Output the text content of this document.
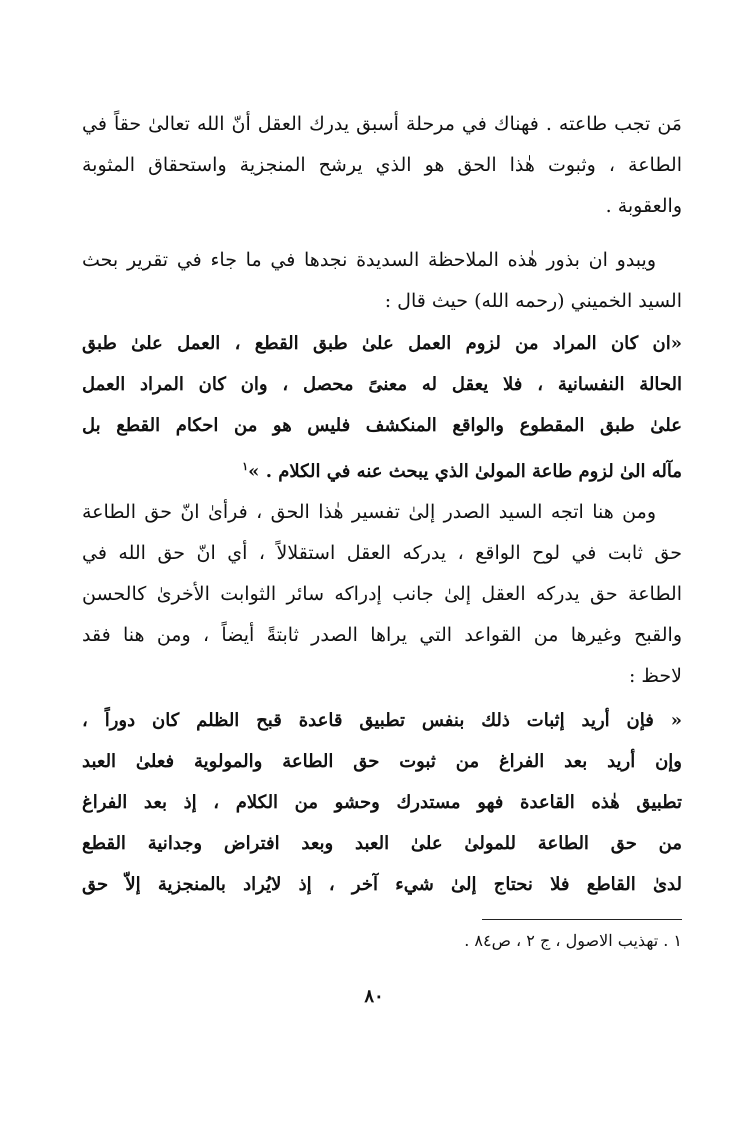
مَن تجب طاعته . فهناك في مرحلة أسبق يدرك العقل أنّ الله تعالىٰ حقاً في
الطاعة ، وثبوت هٰذا الحق هو الذي يرشح المنجزية واستحقاق المثوبة
والعقوبة .
ويبدو ان بذور هٰذه الملاحظة السديدة نجدها في ما جاء في تقرير بحث
السيد الخميني (رحمه الله) حيث قال :
«ان كان المراد من لزوم العمل علىٰ طبق القطع ، العمل علىٰ طبق
الحالة النفسانية ، فلا يعقل له معنىً محصل ، وان كان المراد العمل
علىٰ طبق المقطوع والواقع المنكشف فليس هو من احكام القطع بل
مآله الىٰ لزوم طاعة المولىٰ الذي يبحث عنه في الكلام . »$^١$
ومن هنا اتجه السيد الصدر إلىٰ تفسير هٰذا الحق ، فرأىٰ انّ حق الطاعة
حق ثابت في لوح الواقع ، يدركه العقل استقلالاً ، أي انّ حق الله في
الطاعة حق يدركه العقل إلىٰ جانب إدراكه سائر الثوابت الأخرىٰ كالحسن
والقبح وغيرها من القواعد التي يراها الصدر ثابتةً أيضاً ، ومن هنا فقد
لاحظ :
« فإن أريد إثبات ذلك بنفس تطبيق قاعدة قبح الظلم كان دوراً ،
وإن أريد بعد الفراغ من ثبوت حق الطاعة والمولوية فعلىٰ العبد
تطبيق هٰذه القاعدة فهو مستدرك وحشو من الكلام ، إذ بعد الفراغ
من حق الطاعة للمولىٰ علىٰ العبد وبعد افتراض وجدانية القطع
لدىٰ القاطع فلا نحتاج إلىٰ شيء آخر ، إذ لايُراد بالمنجزية إلاّ حق
١ . تهذيب الاصول ، ج ٢ ، ص٨٤ .
٨٠
